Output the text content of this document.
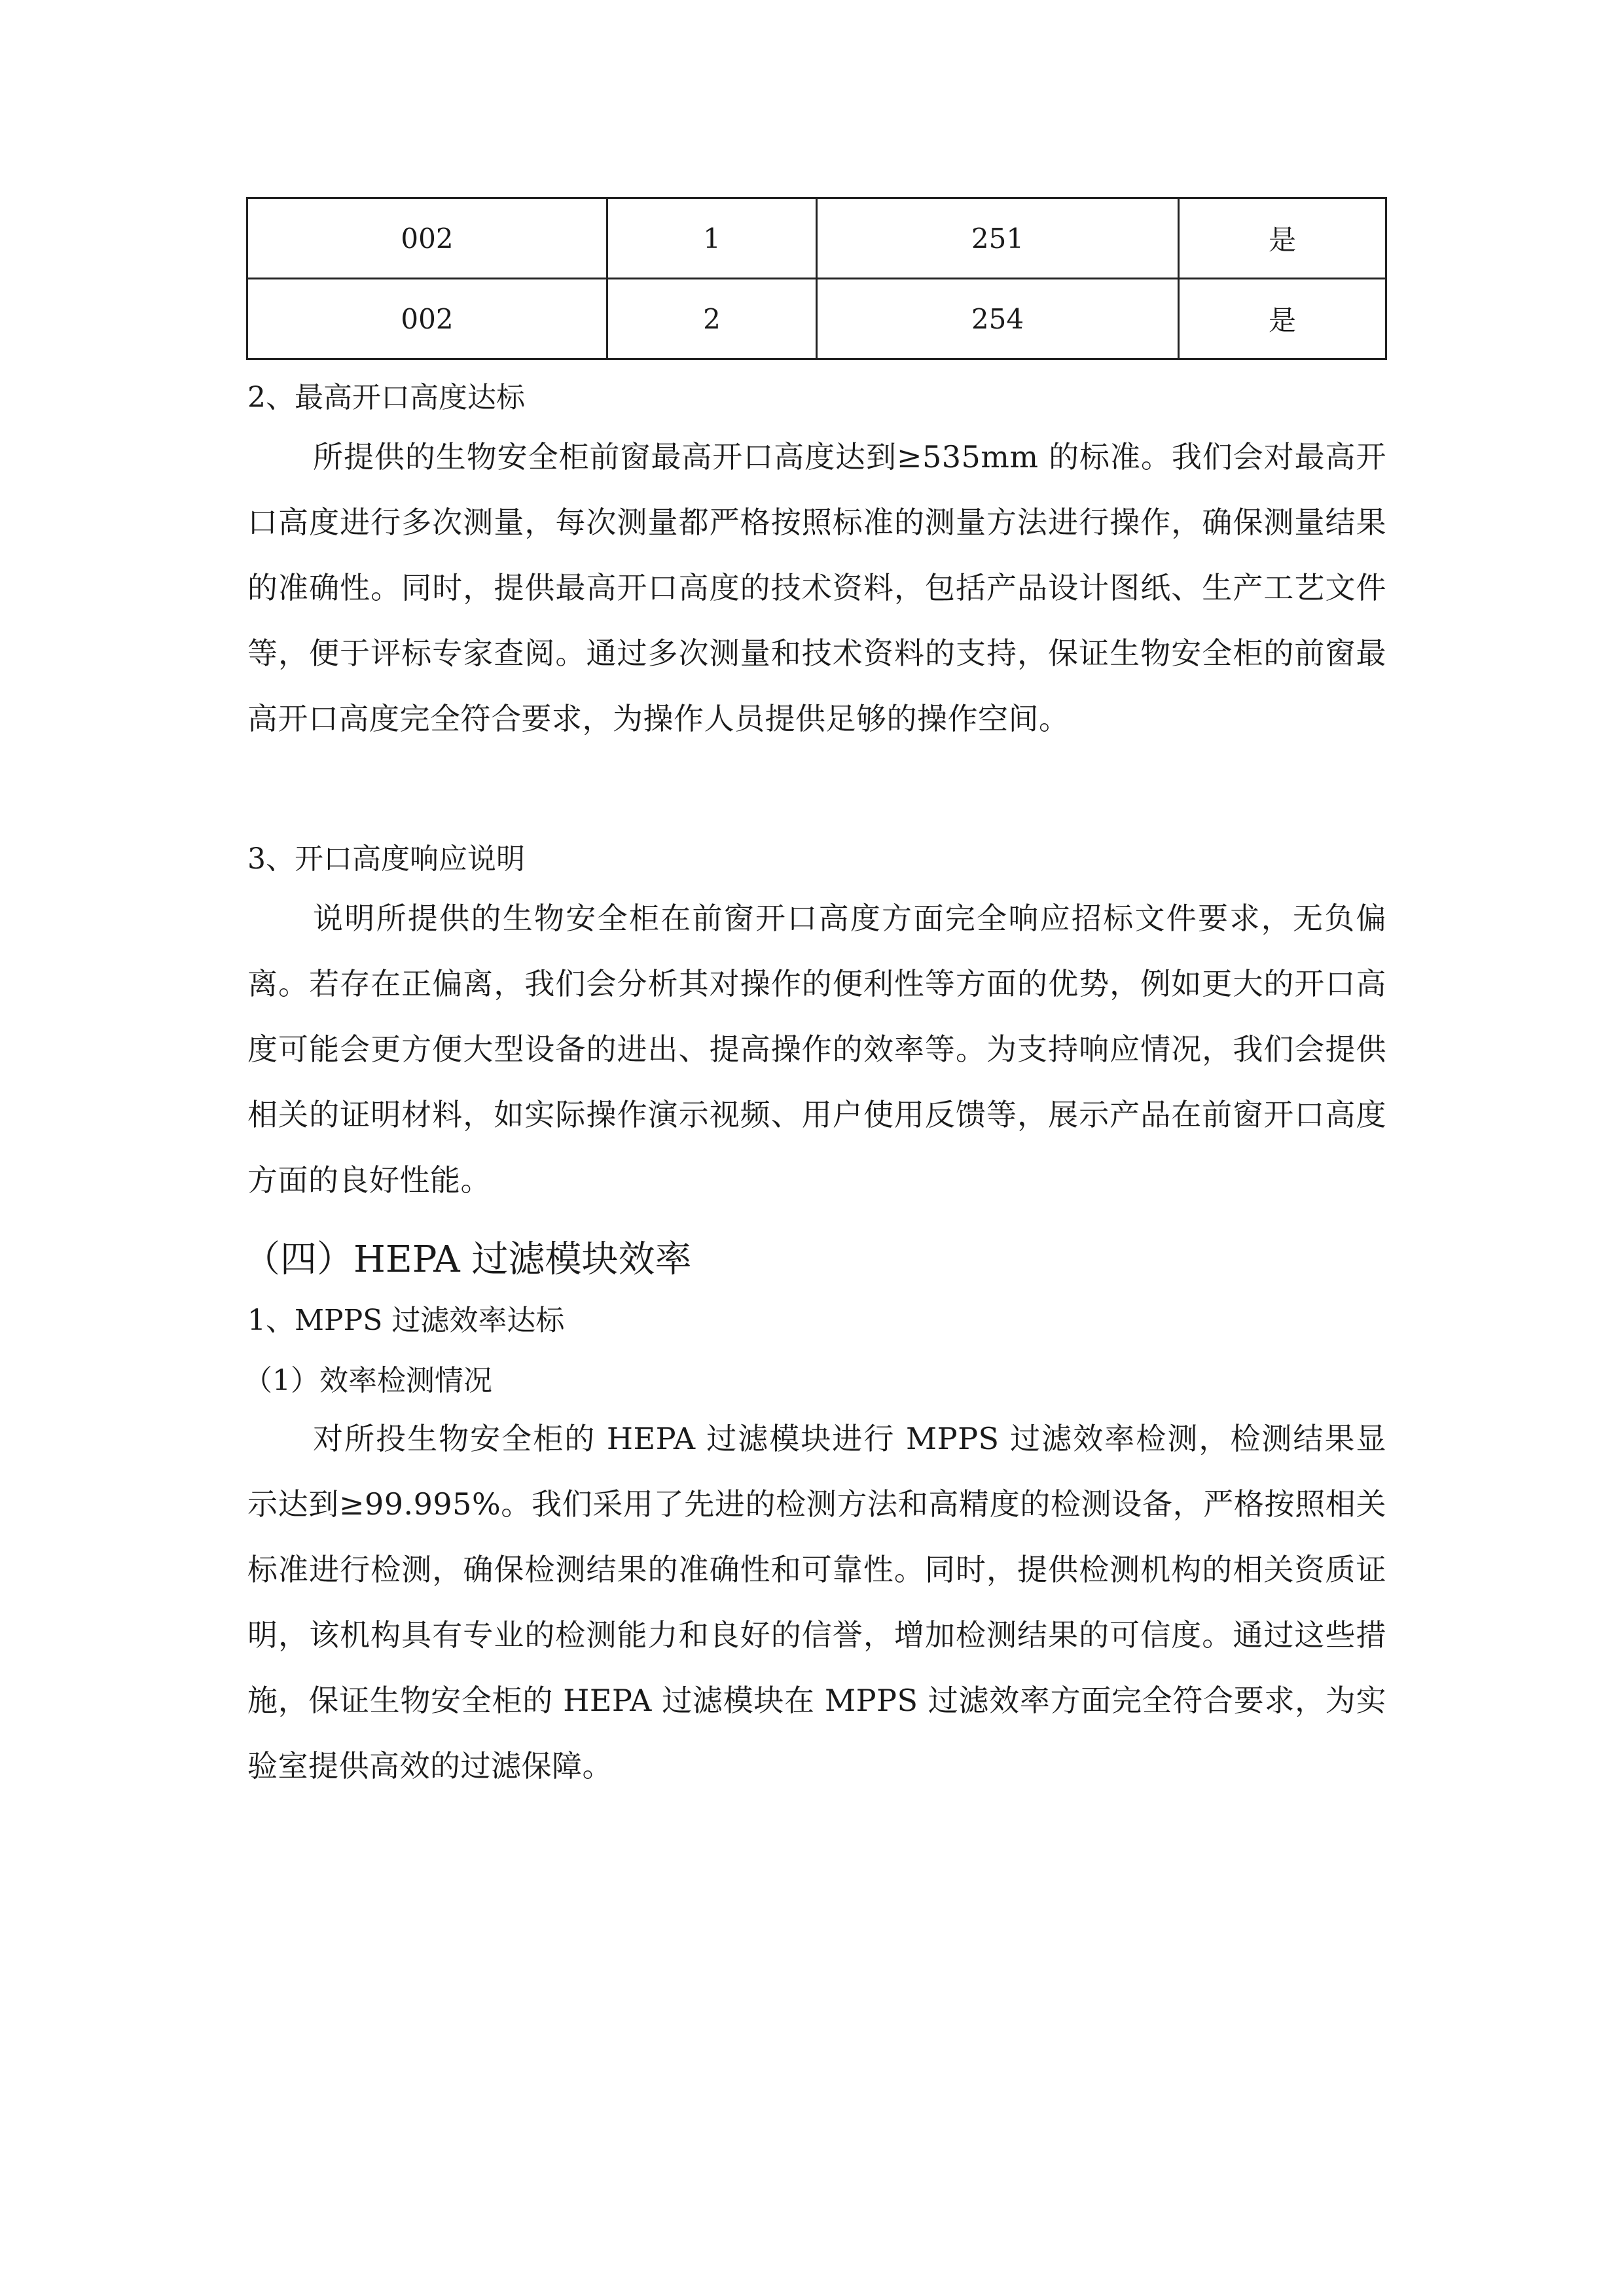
002	1	251	是
002	2	254	是

2、最高开口高度达标

所提供的生物安全柜前窗最高开口高度达到≥535mm 的标准。我们会对最高开口高度进行多次测量，每次测量都严格按照标准的测量方法进行操作，确保测量结果的准确性。同时，提供最高开口高度的技术资料，包括产品设计图纸、生产工艺文件等，便于评标专家查阅。通过多次测量和技术资料的支持，保证生物安全柜的前窗最高开口高度完全符合要求，为操作人员提供足够的操作空间。

3、开口高度响应说明

说明所提供的生物安全柜在前窗开口高度方面完全响应招标文件要求，无负偏离。若存在正偏离，我们会分析其对操作的便利性等方面的优势，例如更大的开口高度可能会更方便大型设备的进出、提高操作的效率等。为支持响应情况，我们会提供相关的证明材料，如实际操作演示视频、用户使用反馈等，展示产品在前窗开口高度方面的良好性能。

（四）HEPA 过滤模块效率

1、MPPS 过滤效率达标

（1）效率检测情况

对所投生物安全柜的 HEPA 过滤模块进行 MPPS 过滤效率检测，检测结果显示达到≥99.995%。我们采用了先进的检测方法和高精度的检测设备，严格按照相关标准进行检测，确保检测结果的准确性和可靠性。同时，提供检测机构的相关资质证明，该机构具有专业的检测能力和良好的信誉，增加检测结果的可信度。通过这些措施，保证生物安全柜的 HEPA 过滤模块在 MPPS 过滤效率方面完全符合要求，为实验室提供高效的过滤保障。
